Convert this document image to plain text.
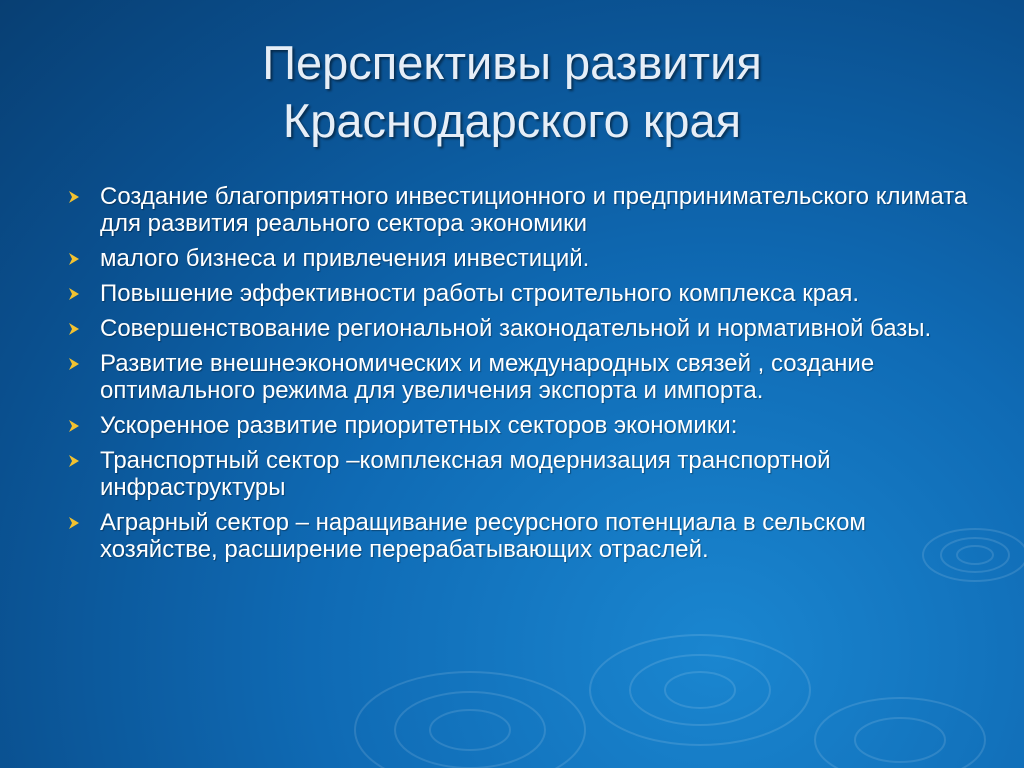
Перспективы развития
Краснодарского края
Создание благоприятного инвестиционного и предпринимательского климата для развития реального сектора экономики
малого бизнеса и привлечения инвестиций.
Повышение эффективности работы строительного комплекса края.
Совершенствование региональной законодательной и нормативной базы.
Развитие внешнеэкономических и международных связей , создание оптимального режима для увеличения экспорта и импорта.
Ускоренное развитие приоритетных секторов экономики:
Транспортный сектор –комплексная модернизация транспортной инфраструктуры
Аграрный сектор – наращивание ресурсного потенциала в сельском хозяйстве, расширение перерабатывающих отраслей.
